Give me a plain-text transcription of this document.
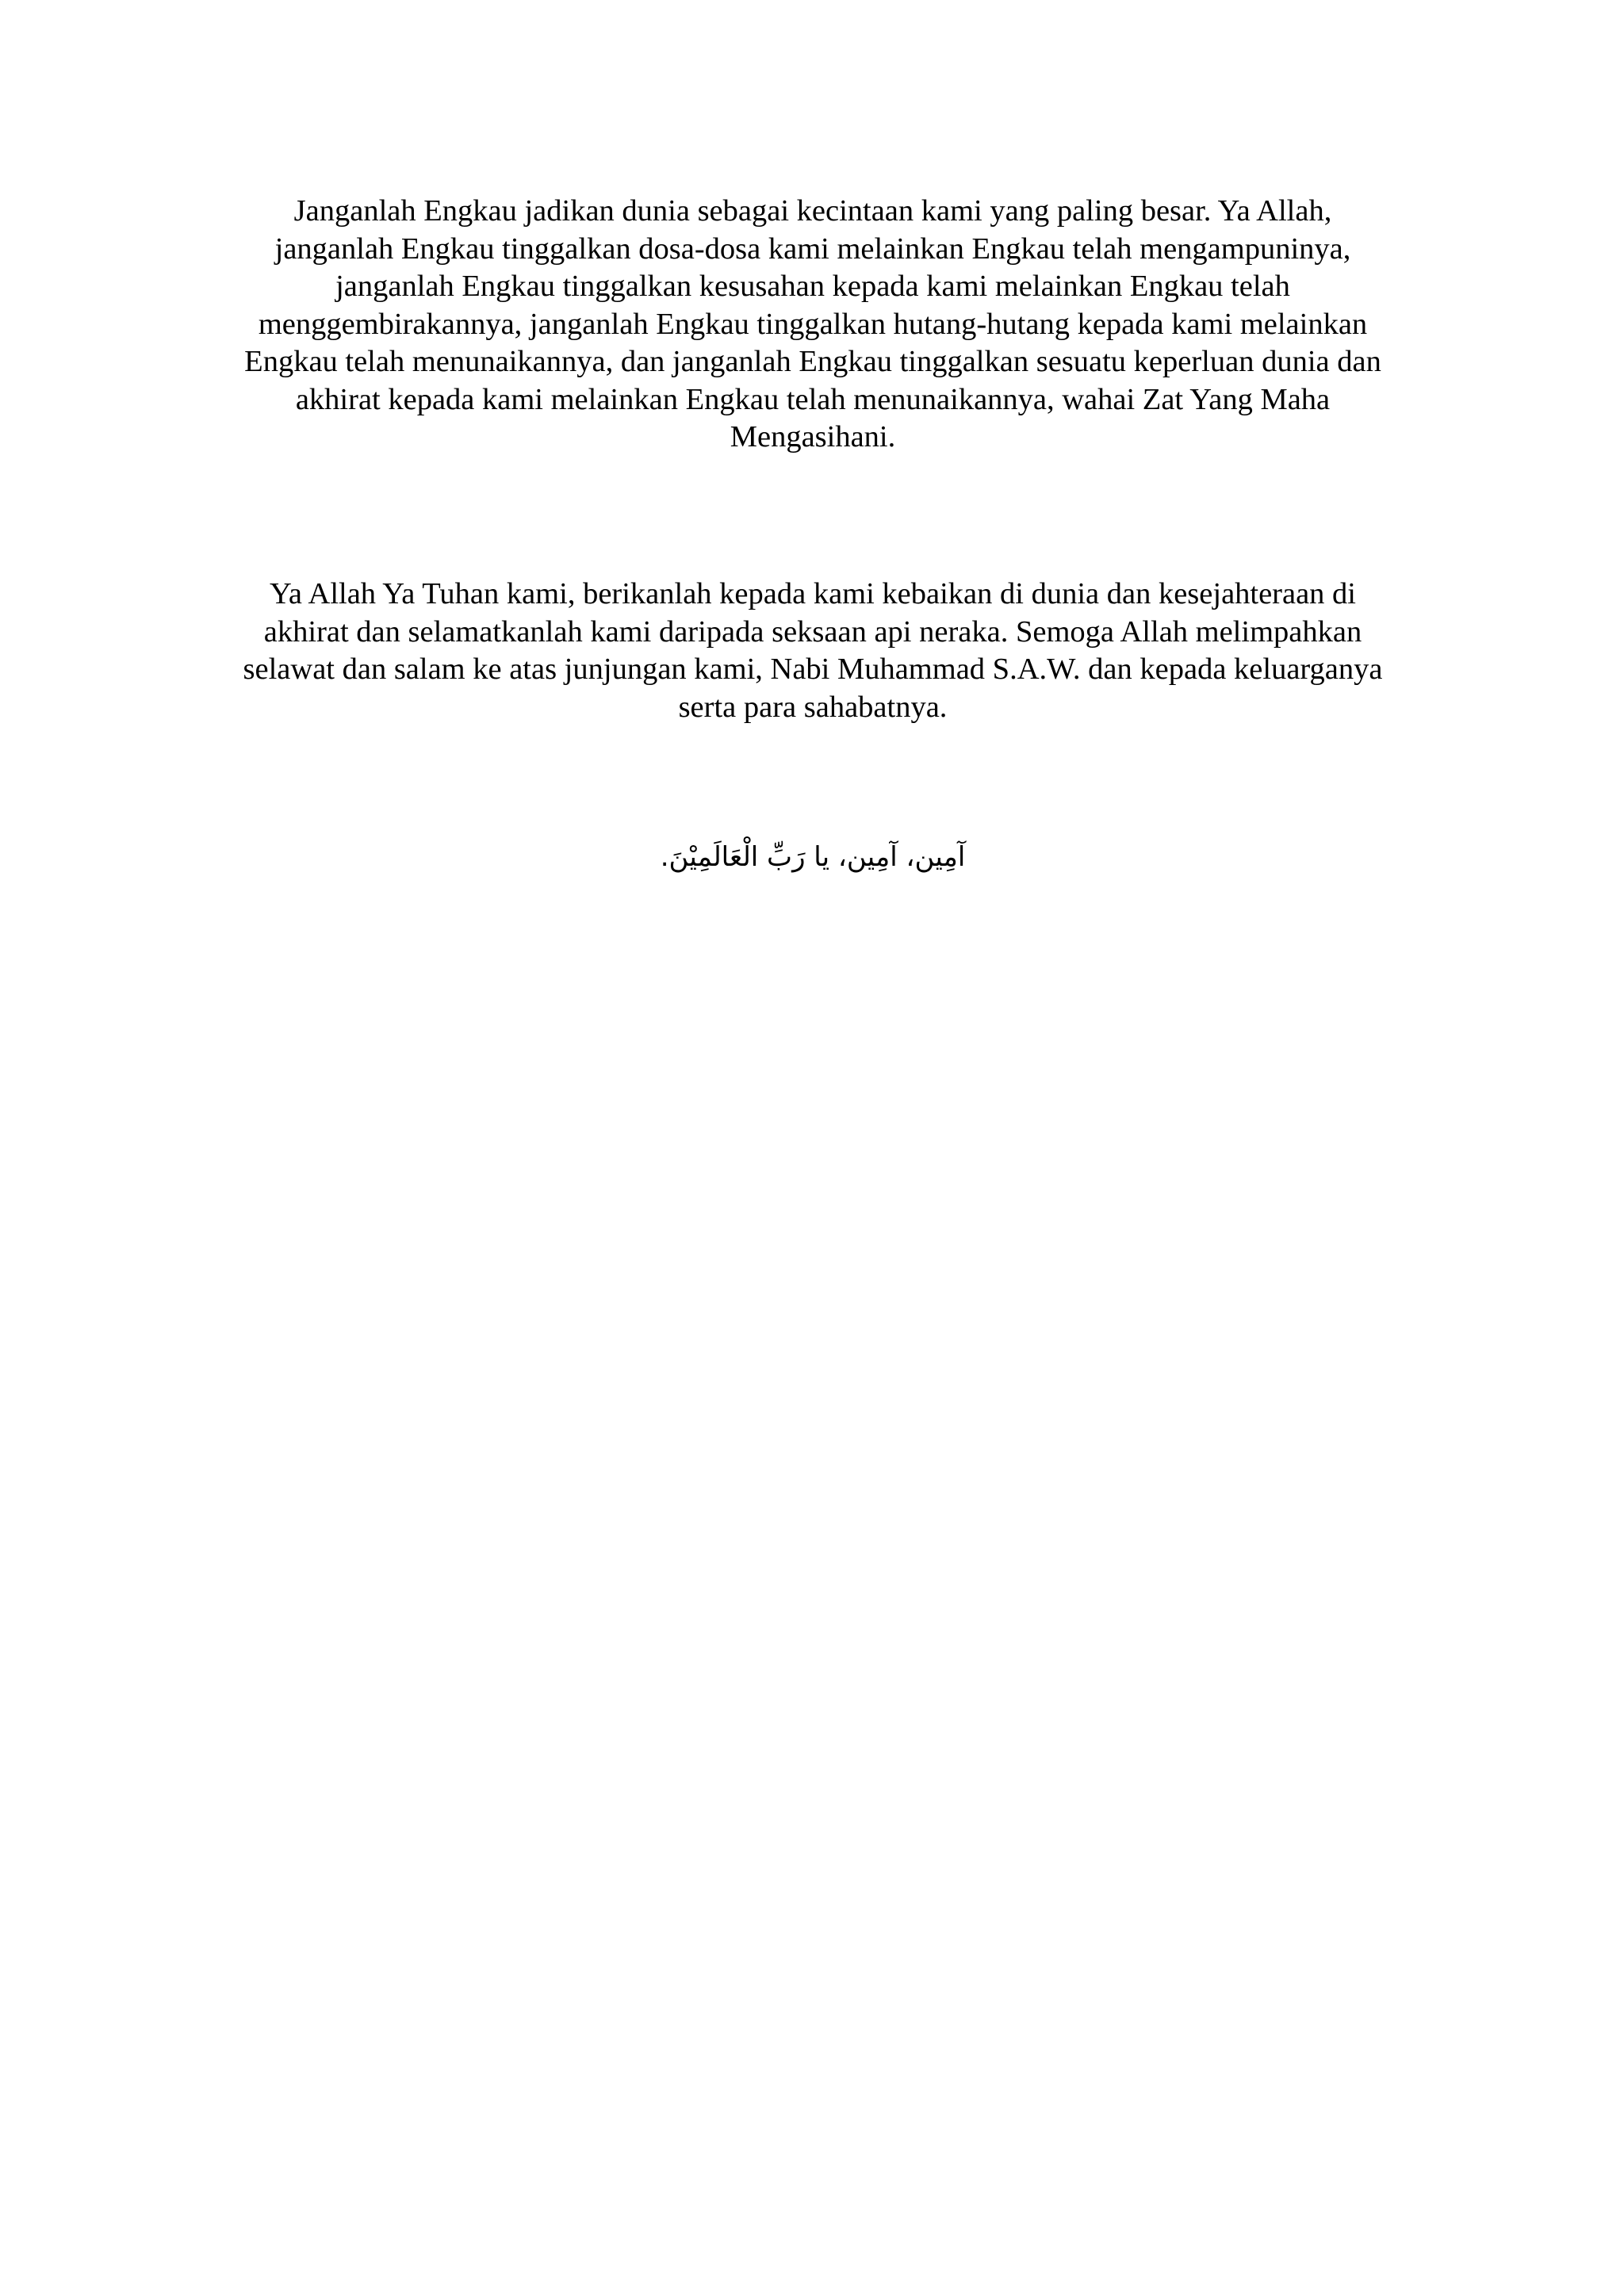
Janganlah Engkau jadikan dunia sebagai kecintaan kami yang paling besar. Ya Allah,
janganlah Engkau tinggalkan dosa-dosa kami melainkan Engkau telah mengampuninya,
janganlah Engkau tinggalkan kesusahan kepada kami melainkan Engkau telah
menggembirakannya, janganlah Engkau tinggalkan hutang-hutang kepada kami melainkan
Engkau telah menunaikannya, dan janganlah Engkau tinggalkan sesuatu keperluan dunia dan
akhirat kepada kami melainkan Engkau telah menunaikannya, wahai Zat Yang Maha
Mengasihani.

Ya Allah Ya Tuhan kami, berikanlah kepada kami kebaikan di dunia dan kesejahteraan di
akhirat dan selamatkanlah kami daripada seksaan api neraka. Semoga Allah melimpahkan
selawat dan salam ke atas junjungan kami, Nabi Muhammad S.A.W. dan kepada keluarganya
serta para sahabatnya.

آمِين، آمِين، يا رَبِّ الْعَالَمِيْنَ.
